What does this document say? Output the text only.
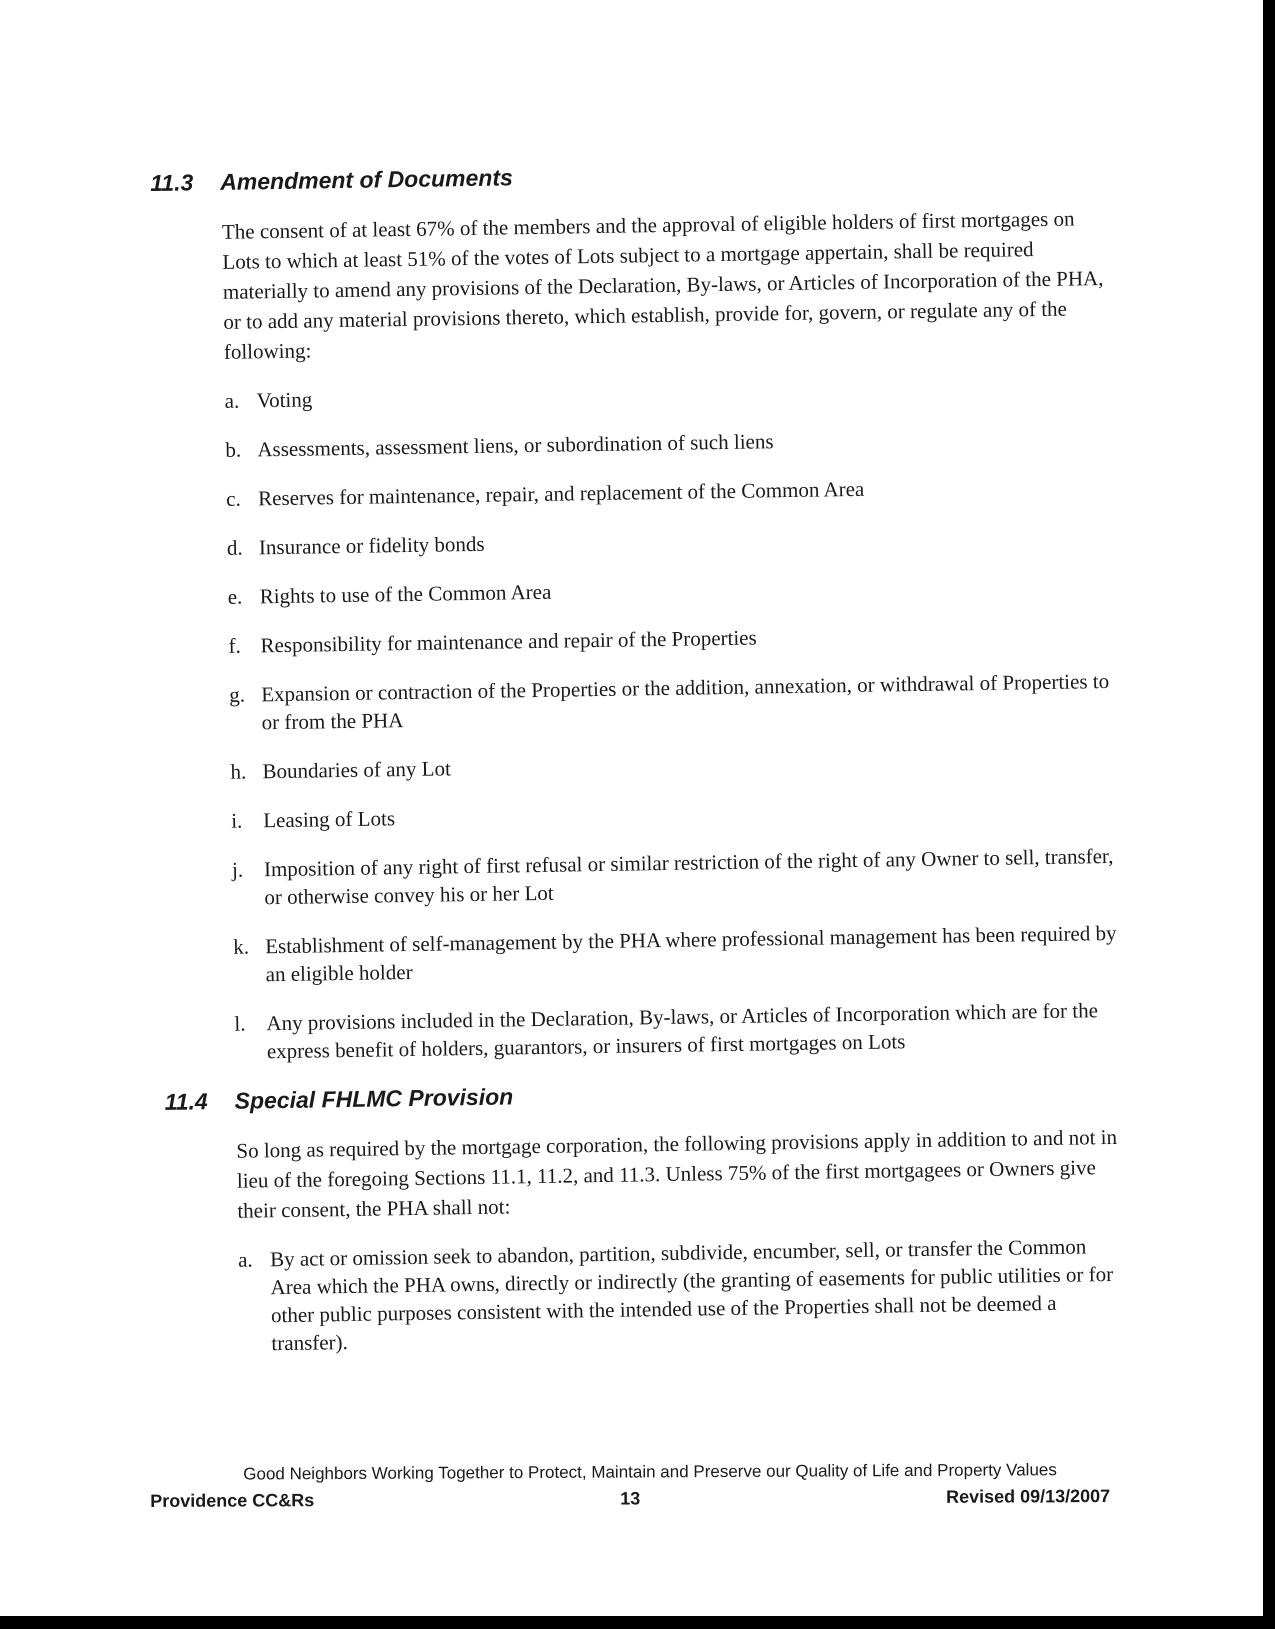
11.3	Amendment of Documents

The consent of at least 67% of the members and the approval of eligible holders of first mortgages on Lots to which at least 51% of the votes of Lots subject to a mortgage appertain, shall be required materially to amend any provisions of the Declaration, By-laws, or Articles of Incorporation of the PHA, or to add any material provisions thereto, which establish, provide for, govern, or regulate any of the following:

a. Voting
b. Assessments, assessment liens, or subordination of such liens
c. Reserves for maintenance, repair, and replacement of the Common Area
d. Insurance or fidelity bonds
e. Rights to use of the Common Area
f. Responsibility for maintenance and repair of the Properties
g. Expansion or contraction of the Properties or the addition, annexation, or withdrawal of Properties to or from the PHA
h. Boundaries of any Lot
i. Leasing of Lots
j. Imposition of any right of first refusal or similar restriction of the right of any Owner to sell, transfer, or otherwise convey his or her Lot
k. Establishment of self-management by the PHA where professional management has been required by an eligible holder
l. Any provisions included in the Declaration, By-laws, or Articles of Incorporation which are for the express benefit of holders, guarantors, or insurers of first mortgages on Lots
11.4	Special FHLMC Provision

So long as required by the mortgage corporation, the following provisions apply in addition to and not in lieu of the foregoing Sections 11.1, 11.2, and 11.3. Unless 75% of the first mortgagees or Owners give their consent, the PHA shall not:

a. By act or omission seek to abandon, partition, subdivide, encumber, sell, or transfer the Common Area which the PHA owns, directly or indirectly (the granting of easements for public utilities or for other public purposes consistent with the intended use of the Properties shall not be deemed a transfer).
Good Neighbors Working Together to Protect, Maintain and Preserve our Quality of Life and Property Values
Providence CC&Rs	13	Revised 09/13/2007
